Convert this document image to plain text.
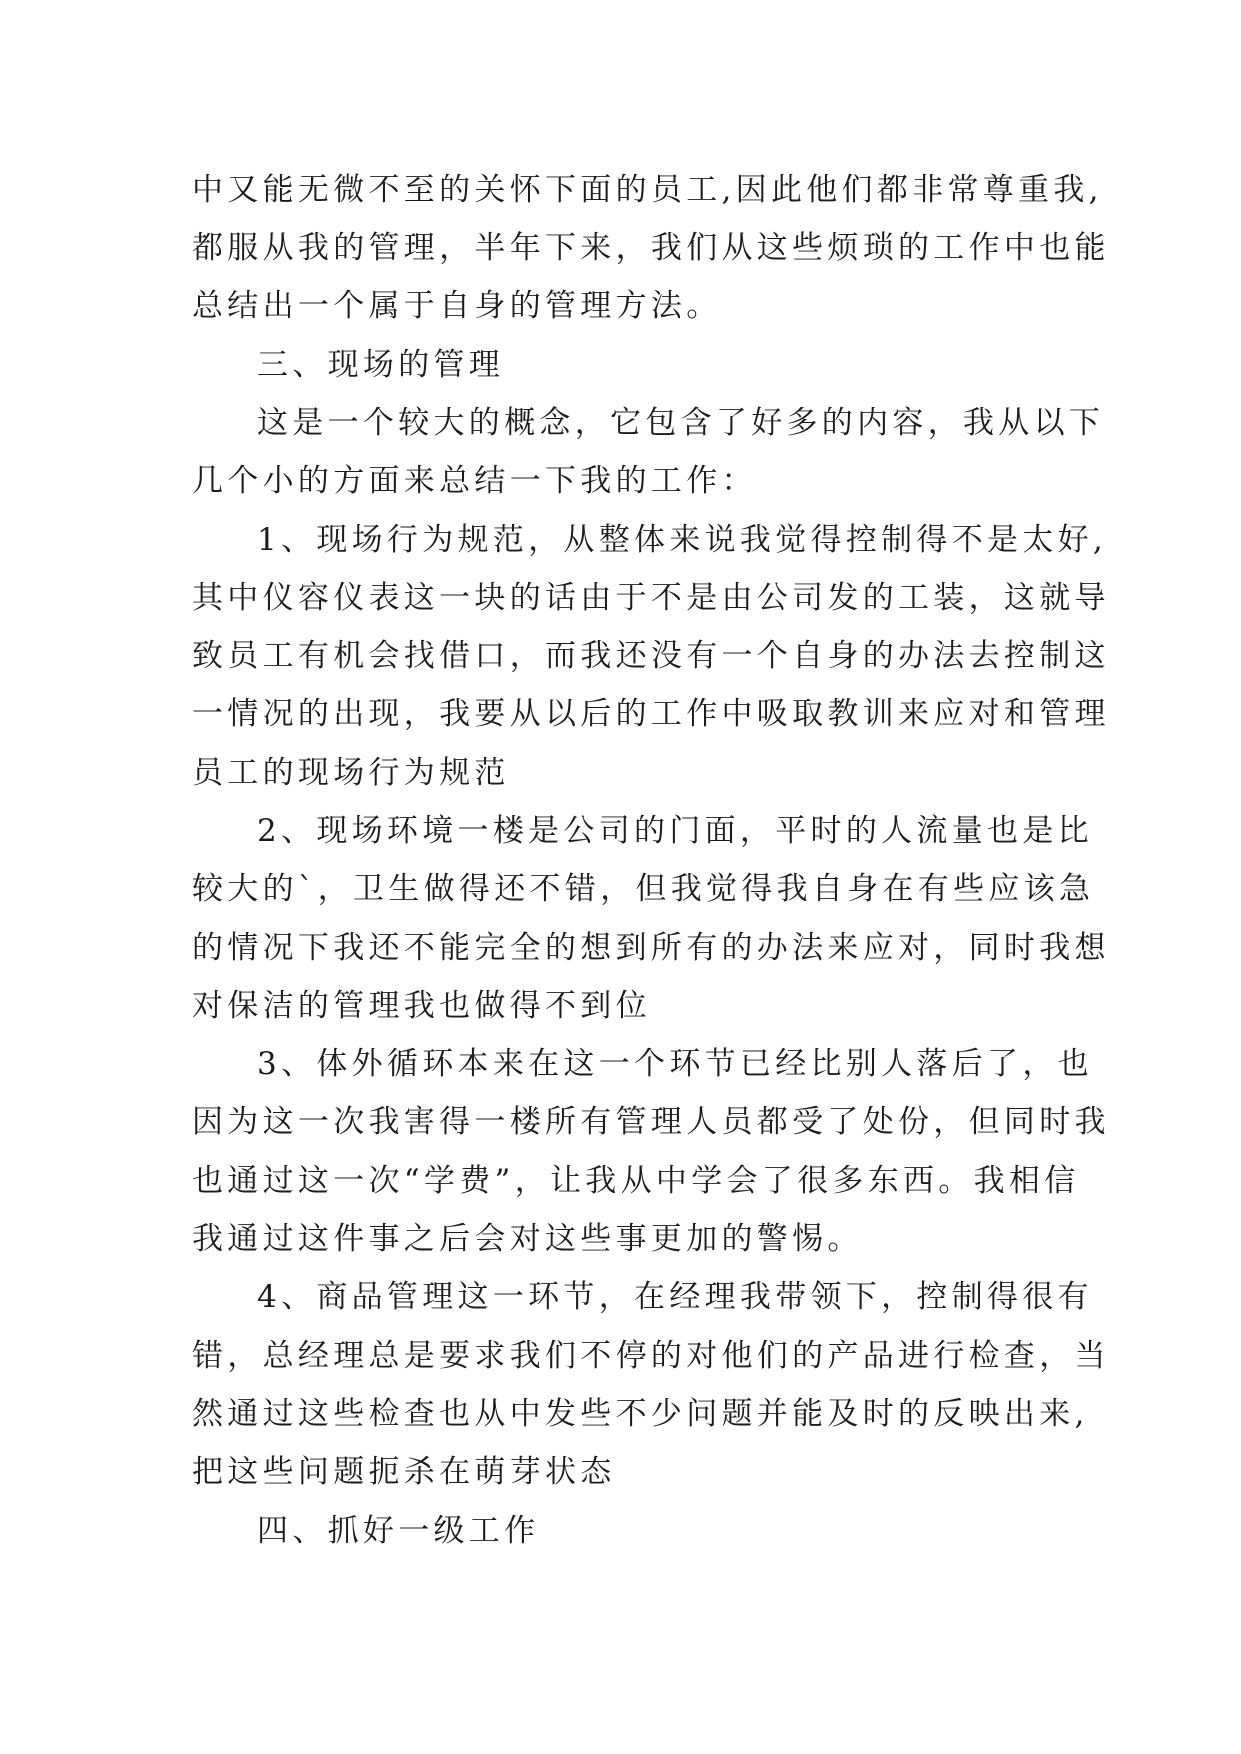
中又能无微不至的关怀下面的员工,因此他们都非常尊重我,
都服从我的管理，半年下来，我们从这些烦琐的工作中也能
总结出一个属于自身的管理方法。
三、现场的管理
这是一个较大的概念，它包含了好多的内容，我从以下
几个小的方面来总结一下我的工作：
1、现场行为规范，从整体来说我觉得控制得不是太好,
其中仪容仪表这一块的话由于不是由公司发的工装，这就导
致员工有机会找借口，而我还没有一个自身的办法去控制这
一情况的出现，我要从以后的工作中吸取教训来应对和管理
员工的现场行为规范
2、现场环境一楼是公司的门面，平时的人流量也是比
较大的`，卫生做得还不错，但我觉得我自身在有些应该急
的情况下我还不能完全的想到所有的办法来应对，同时我想
对保洁的管理我也做得不到位
3、体外循环本来在这一个环节已经比别人落后了，也
因为这一次我害得一楼所有管理人员都受了处份，但同时我
也通过这一次“学费”，让我从中学会了很多东西。我相信
我通过这件事之后会对这些事更加的警惕。
4、商品管理这一环节，在经理我带领下，控制得很有
错，总经理总是要求我们不停的对他们的产品进行检查，当
然通过这些检查也从中发些不少问题并能及时的反映出来,
把这些问题扼杀在萌芽状态
四、抓好一级工作
